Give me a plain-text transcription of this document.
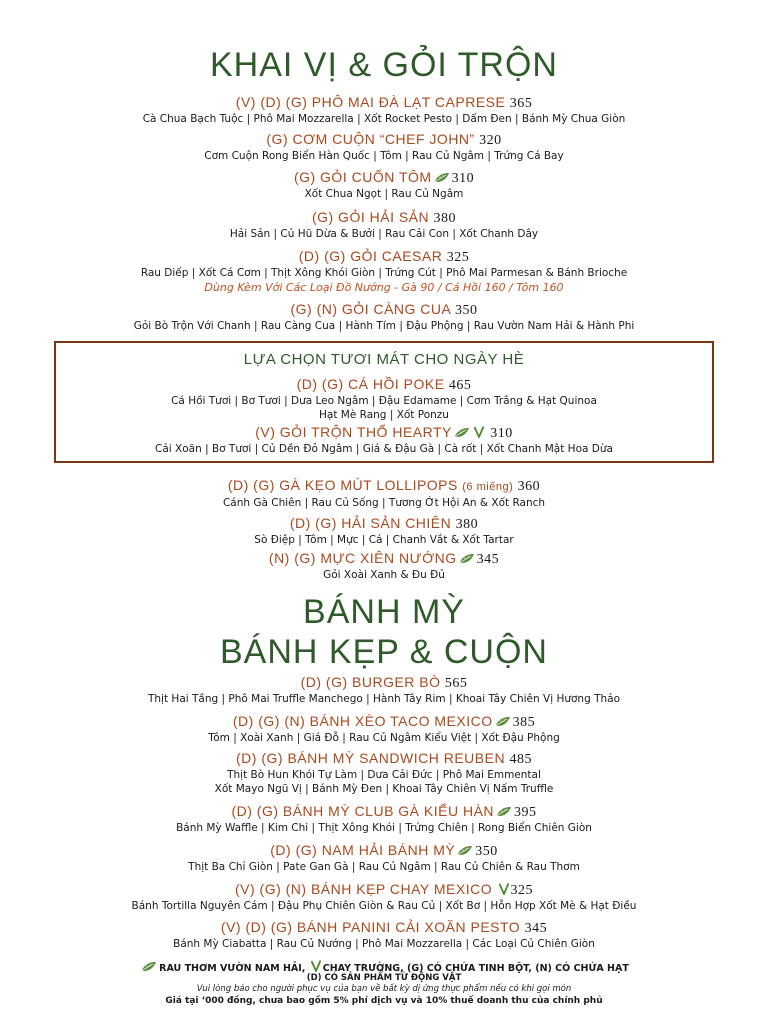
KHAI VỊ & GỎI TRỘN
(V) (D) (G) PHÔ MAI ĐÀ LẠT CAPRESE 365
Cà Chua Bạch Tuộc | Phô Mai Mozzarella | Xốt Rocket Pesto | Dấm Đen | Bánh Mỳ Chua Giòn
(G) CƠM CUỘN “CHEF JOHN” 320
Cơm Cuộn Rong Biển Hàn Quốc | Tôm | Rau Củ Ngâm | Trứng Cá Bay
(G) GỎI CUỐN TÔM 310
Xốt Chua Ngọt | Rau Củ Ngâm
(G) GỎI HẢI SẢN 380
Hải Sản | Củ Hũ Dừa & Bưởi | Rau Cải Con | Xốt Chanh Dây
(D) (G) GỎI CAESAR 325
Rau Diếp | Xốt Cá Cơm | Thịt Xông Khói Giòn | Trứng Cút | Phô Mai Parmesan & Bánh Brioche
Dùng Kèm Với Các Loại Đồ Nướng - Gà 90 / Cá Hồi 160 / Tôm 160
(G) (N) GỎI CÀNG CUA 350
Gỏi Bò Trộn Với Chanh | Rau Càng Cua | Hành Tím | Đậu Phộng | Rau Vườn Nam Hải & Hành Phi
LỰA CHỌN TƯƠI MÁT CHO NGÀY HÈ
(D) (G) CÁ HỒI POKE 465
Cá Hồi Tươi | Bơ Tươi | Dưa Leo Ngâm | Đậu Edamame | Cơm Trắng & Hạt Quinoa
Hạt Mè Rang | Xốt Ponzu
(V) GỎI TRỘN THỔ HEARTY	310
Cải Xoăn | Bơ Tươi | Củ Dền Đỏ Ngâm | Giá & Đậu Gà | Cà rốt | Xốt Chanh Mật Hoa Dừa
(D) (G) GÀ KẸO MÚT LOLLIPOPS (6 miếng) 360
Cánh Gà Chiên | Rau Củ Sống | Tương Ớt Hội An & Xốt Ranch
(D) (G) HẢI SẢN CHIÊN 380
Sò Điệp | Tôm | Mực | Cá | Chanh Vắt & Xốt Tartar
(N) (G) MỰC XIÊN NƯỚNG 345
Gỏi Xoài Xanh & Đu Đủ
BÁNH MỲ
BÁNH KẸP & CUỘN
(D) (G) BURGER BÒ 565
Thịt Hai Tầng | Phô Mai Truffle Manchego | Hành Tây Rim | Khoai Tây Chiên Vị Hương Thảo
(D) (G) (N) BÁNH XÈO TACO MEXICO 385
Tôm | Xoài Xanh | Giá Đỗ | Rau Củ Ngâm Kiểu Việt | Xốt Đậu Phộng
(D) (G) BÁNH MỲ SANDWICH REUBEN 485
Thịt Bò Hun Khói Tự Làm | Dưa Cải Đức | Phô Mai Emmental
Xốt Mayo Ngũ Vị | Bánh Mỳ Đen | Khoai Tây Chiên Vị Nấm Truffle
(D) (G) BÁNH MỲ CLUB GÀ KIỂU HÀN 395
Bánh Mỳ Waffle | Kim Chi | Thịt Xông Khói | Trứng Chiên | Rong Biển Chiên Giòn
(D) (G) NAM HẢI BÁNH MỲ 350
Thịt Ba Chỉ Giòn | Pate Gan Gà | Rau Củ Ngâm | Rau Củ Chiên & Rau Thơm
(V) (G) (N) BÁNH KẸP CHAY MEXICO 325
Bánh Tortilla Nguyên Cám | Đậu Phụ Chiên Giòn & Rau Củ | Xốt Bơ | Hỗn Hợp Xốt Mè & Hạt Điều
(V) (D) (G) BÁNH PANINI CẢI XOĂN PESTO 345
Bánh Mỳ Ciabatta | Rau Củ Nướng | Phô Mai Mozzarella | Các Loại Củ Chiên Giòn
RAU THƠM VƯỜN NAM HẢI, CHAY TRƯỜNG, (G) CÓ CHỨA TINH BỘT, (N) CÓ CHỨA HẠT
(D) CÓ SẢN PHẨM TỪ ĐỘNG VẬT
Vui lòng báo cho người phục vụ của bạn về bất kỳ dị ứng thực phẩm nếu có khi gọi món
Giá tại ‘000 đồng, chưa bao gồm 5% phí dịch vụ và 10% thuế doanh thu của chính phủ
